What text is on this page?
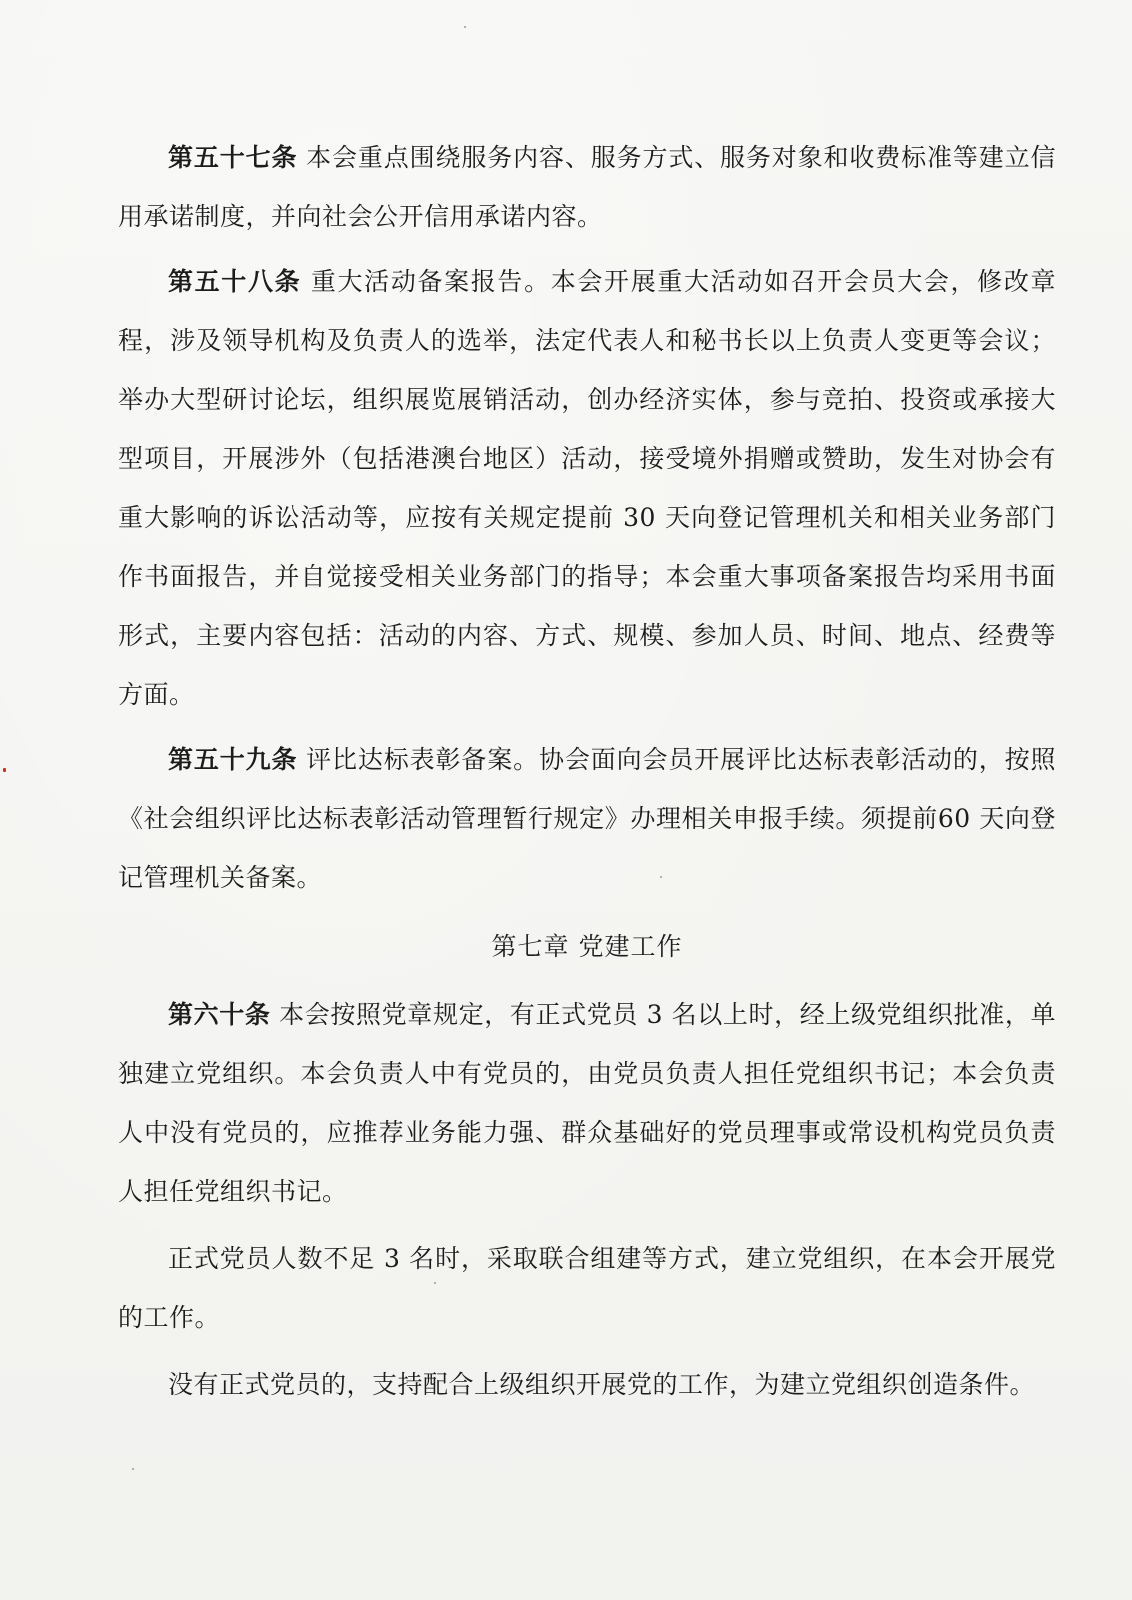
第五十七条 本会重点围绕服务内容、服务方式、服务对象和收费标准等建立信用承诺制度，并向社会公开信用承诺内容。

第五十八条 重大活动备案报告。本会开展重大活动如召开会员大会，修改章程，涉及领导机构及负责人的选举，法定代表人和秘书长以上负责人变更等会议；举办大型研讨论坛，组织展览展销活动，创办经济实体，参与竞拍、投资或承接大型项目，开展涉外（包括港澳台地区）活动，接受境外捐赠或赞助，发生对协会有重大影响的诉讼活动等，应按有关规定提前 30 天向登记管理机关和相关业务部门作书面报告，并自觉接受相关业务部门的指导；本会重大事项备案报告均采用书面形式，主要内容包括：活动的内容、方式、规模、参加人员、时间、地点、经费等方面。

第五十九条 评比达标表彰备案。协会面向会员开展评比达标表彰活动的，按照《社会组织评比达标表彰活动管理暂行规定》办理相关申报手续。须提前60 天向登记管理机关备案。

第七章 党建工作

第六十条 本会按照党章规定，有正式党员 3 名以上时，经上级党组织批准，单独建立党组织。本会负责人中有党员的，由党员负责人担任党组织书记；本会负责人中没有党员的，应推荐业务能力强、群众基础好的党员理事或常设机构党员负责人担任党组织书记。

正式党员人数不足 3 名时，采取联合组建等方式，建立党组织，在本会开展党的工作。

没有正式党员的，支持配合上级组织开展党的工作，为建立党组织创造条件。
